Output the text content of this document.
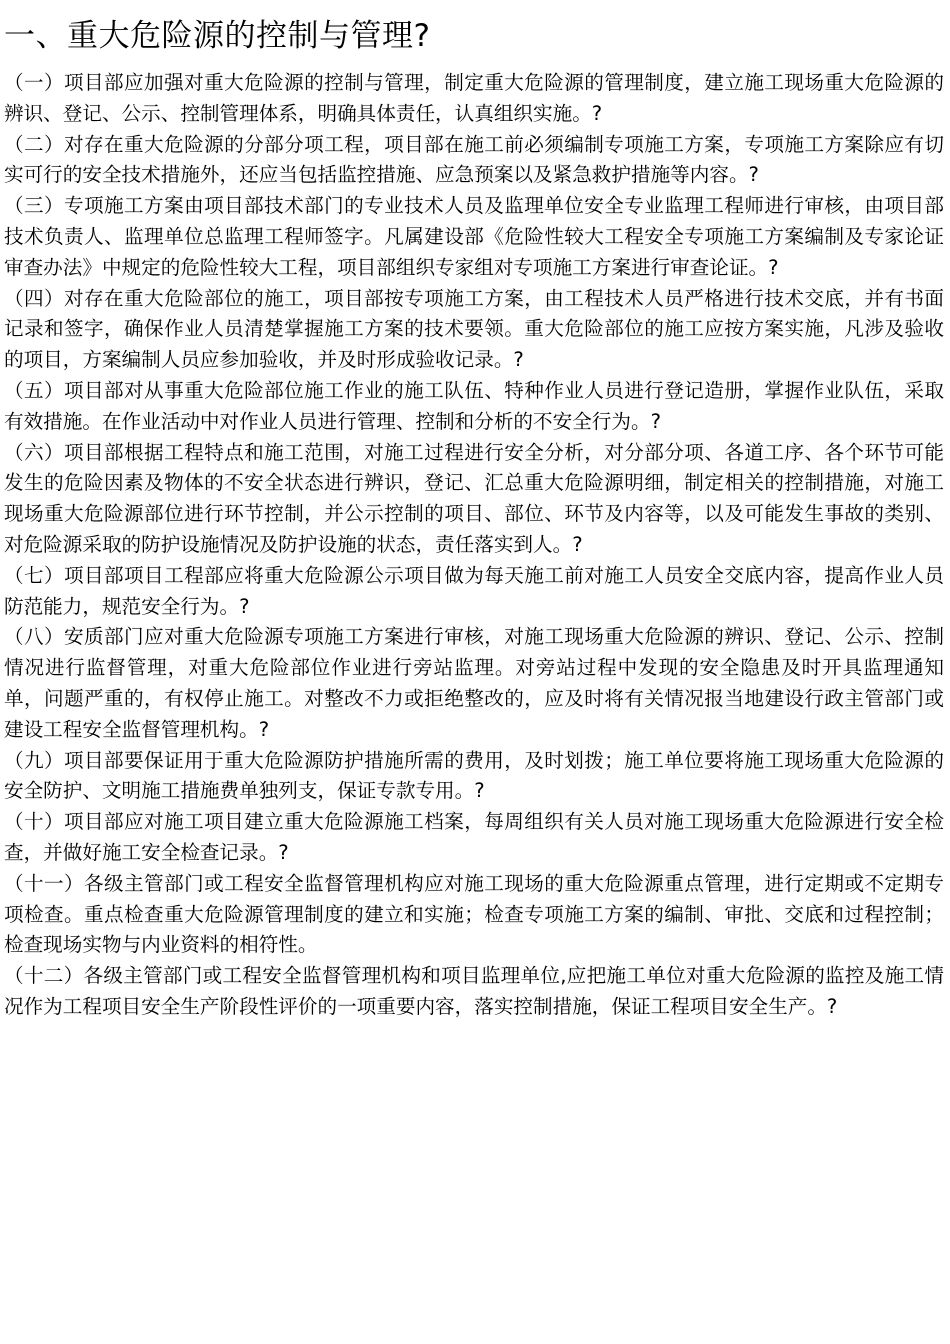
一、重大危险源的控制与管理?

（一）项目部应加强对重大危险源的控制与管理，制定重大危险源的管理制度，建立施工现场重大危险源的辨识、登记、公示、控制管理体系，明确具体责任，认真组织实施。?

（二）对存在重大危险源的分部分项工程，项目部在施工前必须编制专项施工方案，专项施工方案除应有切实可行的安全技术措施外，还应当包括监控措施、应急预案以及紧急救护措施等内容。?

（三）专项施工方案由项目部技术部门的专业技术人员及监理单位安全专业监理工程师进行审核，由项目部技术负责人、监理单位总监理工程师签字。凡属建设部《危险性较大工程安全专项施工方案编制及专家论证审查办法》中规定的危险性较大工程，项目部组织专家组对专项施工方案进行审查论证。?

（四）对存在重大危险部位的施工，项目部按专项施工方案，由工程技术人员严格进行技术交底，并有书面记录和签字，确保作业人员清楚掌握施工方案的技术要领。重大危险部位的施工应按方案实施，凡涉及验收的项目，方案编制人员应参加验收，并及时形成验收记录。?

（五）项目部对从事重大危险部位施工作业的施工队伍、特种作业人员进行登记造册，掌握作业队伍，采取有效措施。在作业活动中对作业人员进行管理、控制和分析的不安全行为。?

（六）项目部根据工程特点和施工范围，对施工过程进行安全分析，对分部分项、各道工序、各个环节可能发生的危险因素及物体的不安全状态进行辨识，登记、汇总重大危险源明细，制定相关的控制措施，对施工现场重大危险源部位进行环节控制，并公示控制的项目、部位、环节及内容等，以及可能发生事故的类别、对危险源采取的防护设施情况及防护设施的状态，责任落实到人。?

（七）项目部项目工程部应将重大危险源公示项目做为每天施工前对施工人员安全交底内容，提高作业人员防范能力，规范安全行为。?

（八）安质部门应对重大危险源专项施工方案进行审核，对施工现场重大危险源的辨识、登记、公示、控制情况进行监督管理，对重大危险部位作业进行旁站监理。对旁站过程中发现的安全隐患及时开具监理通知单，问题严重的，有权停止施工。对整改不力或拒绝整改的，应及时将有关情况报当地建设行政主管部门或建设工程安全监督管理机构。?

（九）项目部要保证用于重大危险源防护措施所需的费用，及时划拨；施工单位要将施工现场重大危险源的安全防护、文明施工措施费单独列支，保证专款专用。?

（十）项目部应对施工项目建立重大危险源施工档案，每周组织有关人员对施工现场重大危险源进行安全检查，并做好施工安全检查记录。?

（十一）各级主管部门或工程安全监督管理机构应对施工现场的重大危险源重点管理，进行定期或不定期专项检查。重点检查重大危险源管理制度的建立和实施；检查专项施工方案的编制、审批、交底和过程控制；检查现场实物与内业资料的相符性。

（十二）各级主管部门或工程安全监督管理机构和项目监理单位,应把施工单位对重大危险源的监控及施工情况作为工程项目安全生产阶段性评价的一项重要内容，落实控制措施，保证工程项目安全生产。?
